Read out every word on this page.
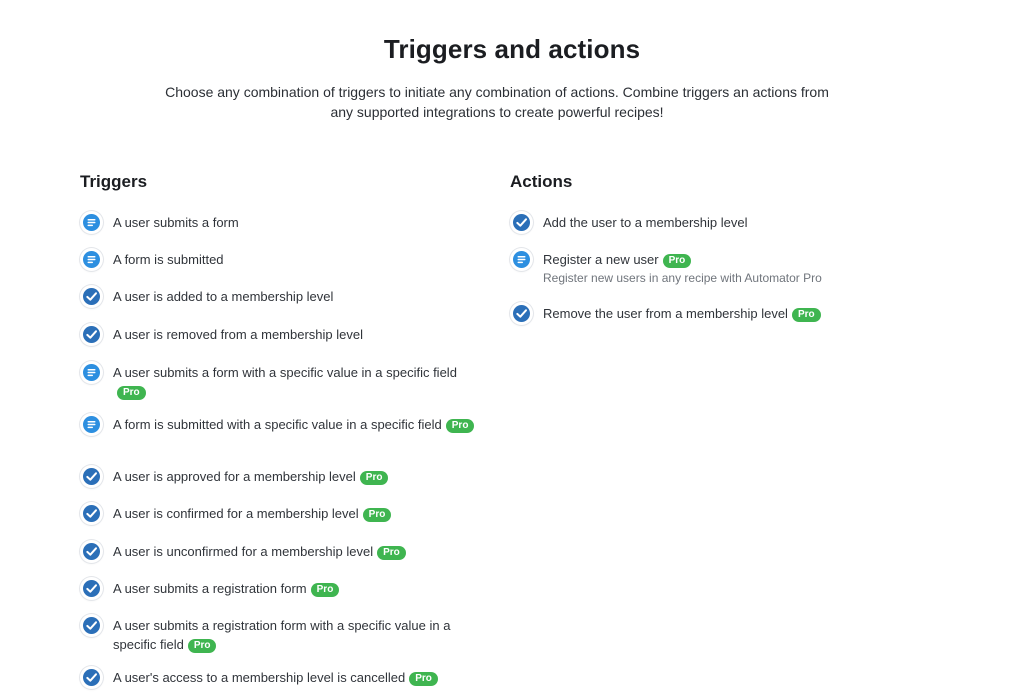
Triggers and actions

Choose any combination of triggers to initiate any combination of actions. Combine triggers an actions from any supported integrations to create powerful recipes!

Triggers
A user submits a form
A form is submitted
A user is added to a membership level
A user is removed from a membership level
A user submits a form with a specific value in a specific fieldPro
A form is submitted with a specific value in a specific field Pro
A user is approved for a membership level Pro
A user is confirmed for a membership level Pro
A user is unconfirmed for a membership level Pro
A user submits a registration form Pro
A user submits a registration form with a specific value in a specific field Pro
A user's access to a membership level is cancelled Pro
Actions
Add the user to a membership level
Register a new user Pro
Register new users in any recipe with Automator Pro
Remove the user from a membership level Pro
